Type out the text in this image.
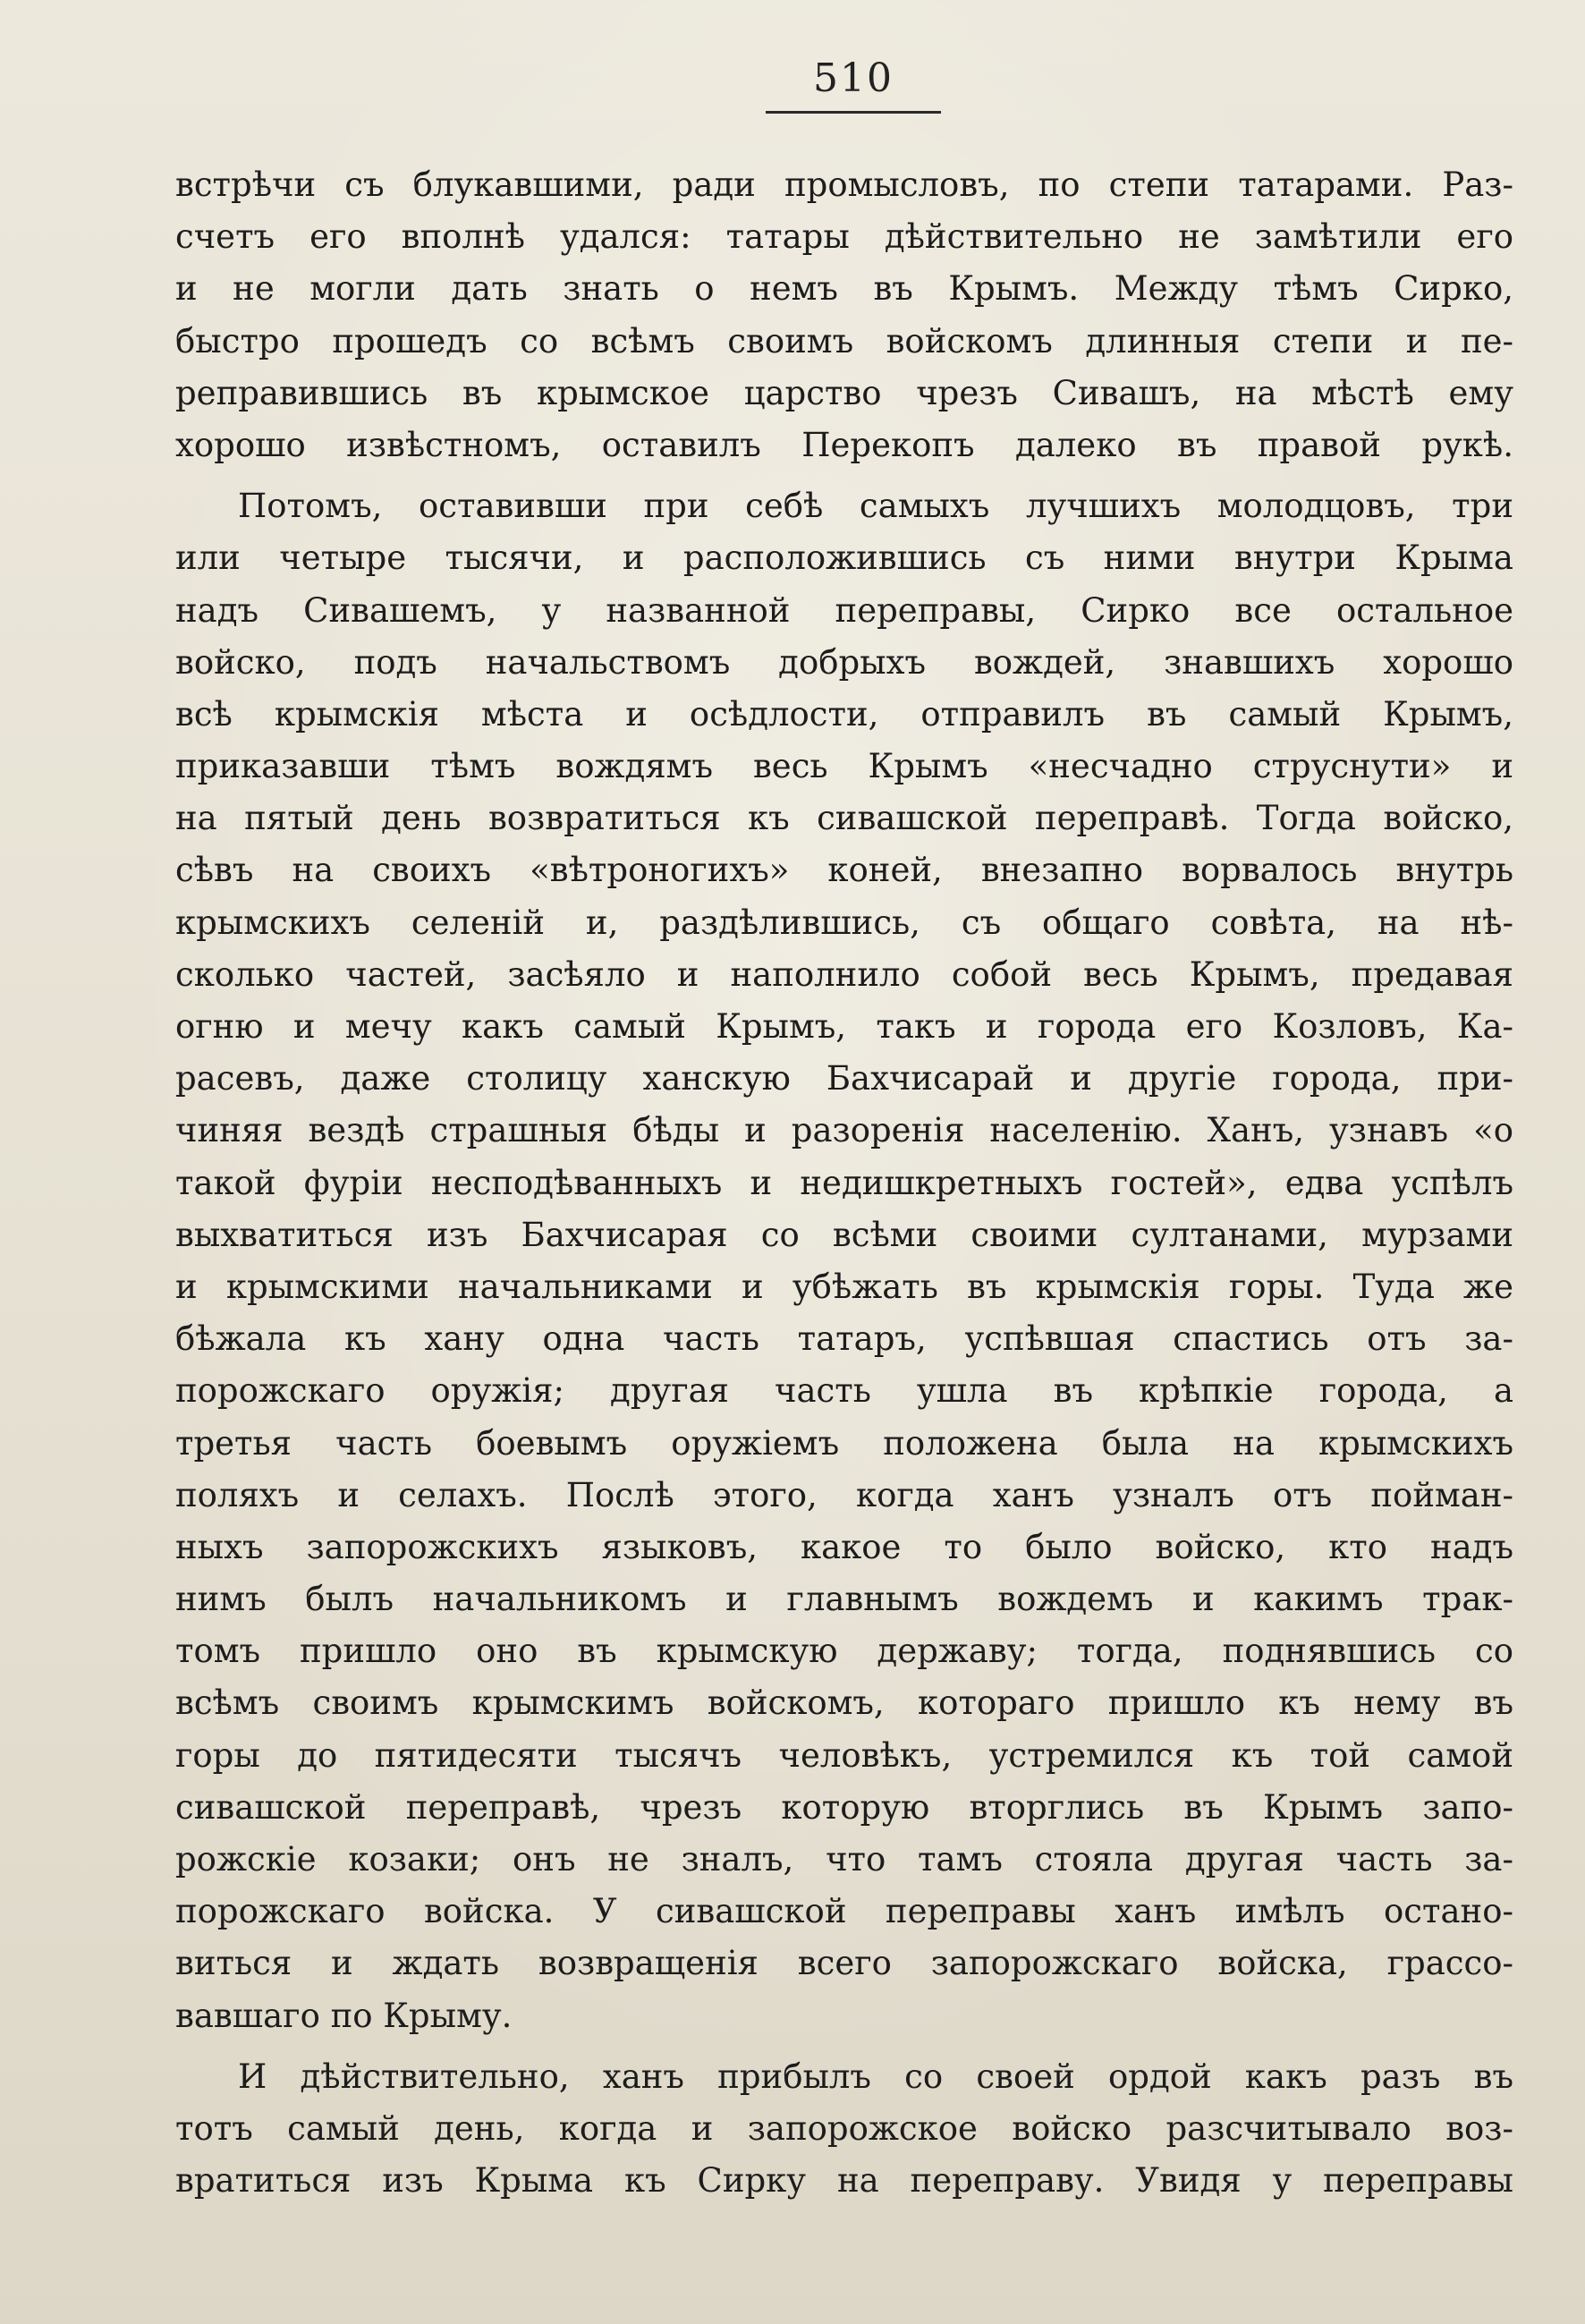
510
встрѣчи съ блукавшими, ради промысловъ, по степи татарами. Раз-
счетъ его вполнѣ удался: татары дѣйствительно не замѣтили его
и не могли дать знать о немъ въ Крымъ. Между тѣмъ Сирко,
быстро прошедъ со всѣмъ своимъ войскомъ длинныя степи и пе-
реправившись въ крымское царство чрезъ Сивашъ, на мѣстѣ ему
хорошо извѣстномъ, оставилъ Перекопъ далеко въ правой рукѣ.
Потомъ, оставивши при себѣ самыхъ лучшихъ молодцовъ, три
или четыре тысячи, и расположившись съ ними внутри Крыма
надъ Сивашемъ, у названной переправы, Сирко все остальное
войско, подъ начальствомъ добрыхъ вождей, знавшихъ хорошо
всѣ крымскія мѣста и осѣдлости, отправилъ въ самый Крымъ,
приказавши тѣмъ вождямъ весь Крымъ «несчадно струснути» и
на пятый день возвратиться къ сивашской переправѣ. Тогда войско,
сѣвъ на своихъ «вѣтроногихъ» коней, внезапно ворвалось внутрь
крымскихъ селеній и, раздѣлившись, съ общаго совѣта, на нѣ-
сколько частей, засѣяло и наполнило собой весь Крымъ, предавая
огню и мечу какъ самый Крымъ, такъ и города его Козловъ, Ка-
расевъ, даже столицу ханскую Бахчисарай и другіе города, при-
чиняя вездѣ страшныя бѣды и разоренія населенію. Ханъ, узнавъ «о
такой фуріи несподѣванныхъ и недишкретныхъ гостей», едва успѣлъ
выхватиться изъ Бахчисарая со всѣми своими султанами, мурзами
и крымскими начальниками и убѣжать въ крымскія горы. Туда же
бѣжала къ хану одна часть татаръ, успѣвшая спастись отъ за-
порожскаго оружія; другая часть ушла въ крѣпкіе города, а
третья часть боевымъ оружіемъ положена была на крымскихъ
поляхъ и селахъ. Послѣ этого, когда ханъ узналъ отъ пойман-
ныхъ запорожскихъ языковъ, какое то было войско, кто надъ
нимъ былъ начальникомъ и главнымъ вождемъ и какимъ трак-
томъ пришло оно въ крымскую державу; тогда, поднявшись со
всѣмъ своимъ крымскимъ войскомъ, котораго пришло къ нему въ
горы до пятидесяти тысячъ человѣкъ, устремился къ той самой
сивашской переправѣ, чрезъ которую вторглись въ Крымъ запо-
рожскіе козаки; онъ не зналъ, что тамъ стояла другая часть за-
порожскаго войска. У сивашской переправы ханъ имѣлъ остано-
виться и ждать возвращенія всего запорожскаго войска, грассо-
вавшаго по Крыму.
И дѣйствительно, ханъ прибылъ со своей ордой какъ разъ въ
тотъ самый день, когда и запорожское войско разсчитывало воз-
вратиться изъ Крыма къ Сирку на переправу. Увидя у переправы
